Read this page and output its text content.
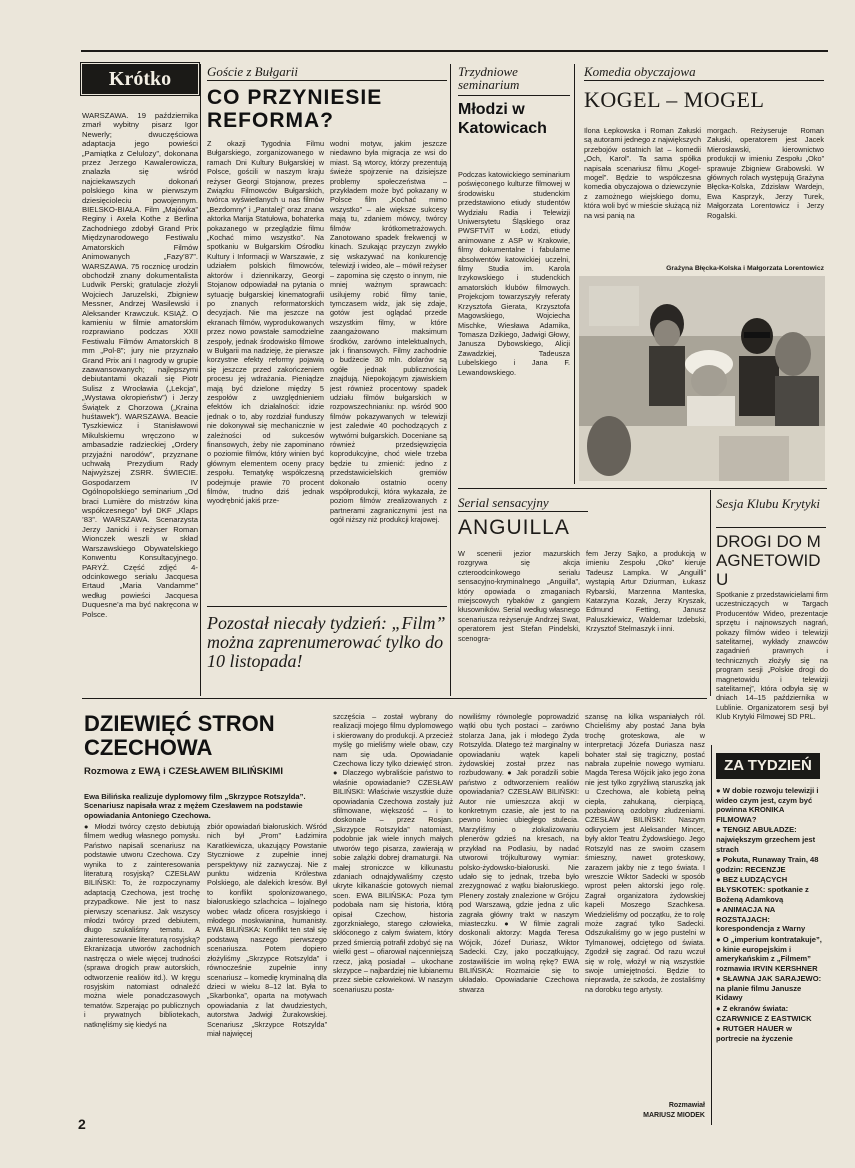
Krótko
WARSZAWA. 19 października zmarł wybitny pisarz Igor Newerly; dwuczęściowa adaptacja jego powieści „Pamiątka z Celulozy”, dokonana przez Jerzego Kawalerowicza, znalazła się wśród najciekawszych dokonań polskiego kina w pierwszym dziesięcioleciu powojennym. BIELSKO-BIAŁA. Film „Majówka” Reginy i Axela Kothe z Berlina Zachodniego zdobył Grand Prix Międzynarodowego Festiwalu Amatorskich Filmów Animowanych „Fazy’87”. WARSZAWA. 75 rocznicę urodzin obchodził znany dokumentalista Ludwik Perski; gratulacje złożyli Wojciech Jaruzelski, Zbigniew Messner, Andrzej Wasilewski i Aleksander Krawczuk. KSIĄŻ. O kamieniu w filmie amatorskim rozprawiano podczas XXII Festiwalu Filmów Amatorskich 8 mm „Pol-8”; jury nie przyznało Grand Prix ani I nagrody w grupie zaawansowanych; najlepszymi debiutantami okazali się Piotr Sulisz z Wrocławia („Lekcja”, „Wystawa okropieństw”) i Jerzy Świątek z Chorzowa („Kraina huśtawek”). WARSZAWA. Beacie Tyszkiewicz i Stanisławowi Mikulskiemu wręczono w ambasadzie radzieckiej „Ordery przyjaźni narodów”, przyznane uchwałą Prezydium Rady Najwyższej ZSRR. ŚWIECIE. Gospodarzem IV Ogólnopolskiego seminarium „Od braci Lumière do mistrzów kina współczesnego” był DKF „Klaps ’83”. WARSZAWA. Scenarzysta Jerzy Janicki i reżyser Roman Wionczek weszli w skład Warszawskiego Obywatelskiego Konwentu Konsultacyjnego. PARYŻ. Część zdjęć 4-odcinkowego serialu Jacquesa Ertaud „Maria Vandamme” według powieści Jacquesa Duquesne’a ma być nakręcona w Polsce.
Goście z Bułgarii
CO PRZYNIESIE REFORMA?
Z okazji Tygodnia Filmu Bułgarskiego, zorganizowanego w ramach Dni Kultury Bułgarskiej w Polsce, gościli w naszym kraju reżyser Georgi Stojanow, prezes Związku Filmowców Bułgarskich, twórca wyświetlanych u nas filmów „Bezdomny” i „Pantalej” oraz znana aktorka Marija Statułowa, bohaterka pokazanego w przeglądzie filmu „Kochać mimo wszystko”. Na spotkaniu w Bułgarskim Ośrodku Kultury i Informacji w Warszawie, z udziałem polskich filmowców, aktorów i dziennikarzy, Georgi Stojanow odpowiadał na pytania o sytuację bułgarskiej kinematografii po znanych reformatorskich decyzjach. Nie ma jeszcze na ekranach filmów, wyprodukowanych przez nowo powstałe samodzielne zespoły, jednak środowisko filmowe w Bułgarii ma nadzieję, że pierwsze korzystne efekty reformy pojawią się jeszcze przed zakończeniem procesu jej wdrażania. Pieniądze mają być dzielone między 5 zespołów z uwzględnieniem efektów ich działalności: idzie jednak o to, aby rozdział funduszy nie dokonywał się mechanicznie w zależności od sukcesów finansowych, żeby nie zapominano o poziomie filmów, który winien być głównym elementem oceny pracy zespołu. Tematykę współczesną podejmuje prawie 70 procent filmów, trudno dziś jednak wyodrębnić jakiś prze-
wodni motyw, jakim jeszcze niedawno była migracja ze wsi do miast. Są wtorcy, którzy prezentują świeże spojrzenie na dzisiejsze problemy społeczeństwa – przykładem może być pokazany w Polsce film „Kochać mimo wszystko” – ale większe sukcesy mają tu, zdaniem mówcy, twórcy filmów krótkometrażowych. Zanotowano spadek frekwencji w kinach. Szukając przyczyn zwykło się wskazywać na konkurencję telewizji i wideo, ale – mówił reżyser – zapomina się często o innym, nie mniej ważnym sprawcach: usilujemy robić filmy tanie, tymczasem widz, jak się zdaje, gotów jest oglądać przede wszystkim filmy, w które zaangażowano maksimum środków, zarówno intelektualnych, jak i finansowych. Filmy zachodnie o budżecie 30 mln. dolarów są ogółe jednak publicznością znajdują. Niepokojącym zjawiskiem jest również procentowy spadek udziału filmów bułgarskich w rozpowszechnianiu: np. wśród 900 filmów pokazywanych w telewizji jest zaledwie 40 pochodzących z wytwórni bułgarskich. Doceniane są również przedsięwzięcia koprodukcyjne, choć wiele trzeba będzie tu zmienić: jedno z przedstawicielskich gremiów dokonało ostatnio oceny współprodukcji, która wykazała, że poziom filmów zrealizowanych z partnerami zagranicznymi jest na ogół niższy niż produkcji krajowej.
Pozostał niecały tydzień: „Film” można zaprenumerować tylko do 10 listopada!
Trzydniowe seminarium
Młodzi w Katowicach
Podczas katowickiego seminarium poświęconego kulturze filmowej w środowisku studenckim przedstawiono etiudy studentów Wydziału Radia i Telewizji Uniwersytetu Śląskiego oraz PWSFTViT w Łodzi, etiudy animowane z ASP w Krakowie, filmy dokumentalne i fabularne absolwentów katowickiej uczelni, filmy Studia im. Karola Irzykowskiego i studenckich amatorskich klubów filmowych. Projekcjom towarzyszyły referaty Krzysztofa Gierata, Krzysztofa Magowskiego, Wojciecha Mischke, Wiesława Adamika, Tomasza Dzikiego, Jadwigi Głowy, Janusza Dybowskiego, Alicji Zawadzkiej, Tadeusza Lubelskiego i Jana F. Lewandowskiego.
Komedia obyczajowa
KOGEL – MOGEL
Ilona Łepkowska i Roman Załuski są autorami jednego z największych przebojów ostatnich lat – komedii „Och, Karol”. Ta sama spółka napisała scenariusz filmu „Kogel-mogel”. Będzie to współczesna komedia obyczajowa o dziewczynie z zamożnego wiejskiego domu, która woli być w mieście służącą niż na wsi panią na
morgach. Reżyseruje Roman Załuski, operatorem jest Jacek Mierosławski, kierownictwo produkcji w imieniu Zespołu „Oko” sprawuje Zbigniew Grabowski. W głównych rolach występują Grażyna Błęcka-Kolska, Zdzisław Wardejn, Ewa Kasprzyk, Jerzy Turek, Małgorzata Lorentowicz i Jerzy Rogalski.
Grażyna Błęcka-Kolska i Małgorzata Lorentowicz
Serial sensacyjny
ANGUILLA
W scenerii jezior mazurskich rozgrywa się akcja czteroodcinkowego serialu sensacyjno-kryminalnego „Anguilla”, który opowiada o zmaganiach miejscowych rybaków z gangiem kłusowników. Serial według własnego scenariusza reżyseruje Andrzej Swat, operatorem jest Stefan Pindelski, scenogra-
fem Jerzy Sajko, a produkcją w imieniu Zespołu „Oko” kieruje Tadeusz Lampka. W „Anguilli” wystąpią Artur Dziurman, Łukasz Rybarski, Marzenna Manteska, Katarzyna Kozak, Jerzy Kryszak, Edmund Fetting, Janusz Paluszkiewicz, Waldemar Izdebski, Krzysztof Stelmaszyk i inni.
Sesja Klubu Krytyki
DROGI DO MAGNETOWIDU
Spotkanie z przedstawicielami firm uczestniczących w Targach Producentów Wideo, prezentacje sprzętu i najnowszych nagrań, pokazy filmów wideo i telewizji satelitarnej, wykłady znawców zagadnień prawnych i technicznych złożyły się na program sesji „Polskie drogi do magnetowidu i telewizji satelitarnej”, która odbyła się w dniach 14–15 października w Lublinie. Organizatorem sesji był Klub Krytyki Filmowej SD PRL.
DZIEWIĘĆ STRON CZECHOWA
Rozmowa z EWĄ i CZESŁAWEM BILIŃSKIMI
Ewa Bilińska realizuje dyplomowy film „Skrzypce Rotszylda”. Scenariusz napisała wraz z mężem Czesławem na podstawie opowiadania Antoniego Czechowa.
● Młodzi twórcy często debiutują filmem według własnego pomysłu. Państwo napisali scenariusz na podstawie utworu Czechowa. Czy wynika to z zainteresowania literaturą rosyjską? CZESŁAW BILIŃSKI: To, że rozpoczynamy adaptacją Czechowa, jest trochę przypadkowe. Nie jest to nasz pierwszy scenariusz. Jak wszyscy młodzi twórcy przed debiutem, długo szukaliśmy tematu. A zainteresowanie literaturą rosyjską? Ekranizacja utworów zachodnich nastręcza o wiele więcej trudności (sprawa drogich praw autorskich, odtworzenie realiów itd.). W kręgu rosyjskim natomiast odnaleźć można wiele ponadczasowych tematów. Szperając po publicznych i prywatnych bibliotekach, natknęliśmy się kiedyś na
zbiór opowiadań białoruskich. Wśród nich był „Prom” Ładzimira Karatkiewicza, ukazujący Powstanie Styczniowe z zupełnie innej perspektywy niż zazwyczaj. Nie z punktu widzenia Królestwa Polskiego, ale dalekich kresów. Był to konflikt spolonizowanego, białoruskiego szlachcica – lojalnego wobec władz oficera rosyjskiego i młodego moskwianina, humanisty. EWA BILIŃSKA: Konflikt ten stał się podstawą naszego pierwszego scenariusza. Potem dopiero złożyliśmy „Skrzypce Rotszylda” i równocześnie zupełnie inny scenariusz – komedię kryminalną dla dzieci w wieku 8–12 lat. Była to „Skarbonka”, oparta na motywach opowiadania z lat dwudziestych, autorstwa Jadwigi Żurakowskiej. Scenariusz „Skrzypce Rotszylda” miał najwięcej
szczęścia – został wybrany do realizacji mojego filmu dyplomowego i skierowany do produkcji. A przecież myślę go mieliśmy wiele obaw, czy nam się uda. Opowiadanie Czechowa liczy tylko dziewięć stron. ● Dlaczego wybraliście państwo to właśnie opowiadanie? CZESŁAW BILIŃSKI: Właściwie wszystkie duże opowiadania Czechowa zostały już sfilmowane, większość – i to doskonale – przez Rosjan. „Skrzypce Rotszylda” natomiast, podobnie jak wiele innych małych utworów tego pisarza, zawierają w sobie zalążki dobrej dramaturgii. Na małej stroniczce w kilkunastu zdaniach odnajdywaliśmy często ukryte kilkanaście gotowych niemal scen. EWA BILIŃSKA: Poza tym podobała nam się historia, którą opisał Czechow, historia zgorzkniałego, starego człowieka, skłóconego z całym światem, który przed śmiercią potrafił zdobyć się na wielki gest – ofiarował najcenniejszą rzecz, jaką posiadał – ukochane skrzypce – najbardziej nie lubianemu przez siebie człowiekowi. W naszym scenariuszu posta-
nowiliśmy równolegle poprowadzić wątki obu tych postaci – zarówno stolarza Jana, jak i młodego Żyda Rotszylda. Dlatego też marginalny w opowiadaniu wątek kapeli żydowskiej został przez nas rozbudowany. ● Jak poradzili sobie państwo z odtworzeniem realiów opowiadania? CZESŁAW BILIŃSKI: Autor nie umieszcza akcji w konkretnym czasie, ale jest to na pewno koniec ubiegłego stulecia. Marzyliśmy o zlokalizowaniu plenerów gdzieś na kresach, na przykład na Podlasiu, by nadać utworowi trójkulturowy wymiar: polsko-żydowsko-białoruski. Nie udało się to jednak, trzeba było zrezygnować z wątku białoruskiego. Plenery zostały znalezione w Grójcu pod Warszawą, gdzie jedna z ulic zagrała główny trakt w naszym miasteczku. ● W filmie zagrali doskonali aktorzy: Magda Teresa Wójcik, Józef Duriasz, Wiktor Sadecki. Czy, jako początkujący, zostawiliście im wolną rękę? EWA BILIŃSKA: Rozmaicie się to układało. Opowiadanie Czechowa stwarza
szansę na kilka wspaniałych ról. Chcieliśmy aby postać Jana była trochę groteskowa, ale w interpretacji Józefa Duriasza nasz bohater stał się tragiczny, postać nabrała zupełnie nowego wymiaru. Magda Teresa Wójcik jako jego żona nie jest tylko zgryźliwą staruszką jak u Czechowa, ale kobietą pełną ciepła, zahukaną, cierpiącą, pozbawioną ozdobny złudzeniami. CZESŁAW BILIŃSKI: Naszym odkryciem jest Aleksander Mincer, były aktor Teatru Żydowskiego. Jego Rotszyld nas ze swoim czasem śmieszny, nawet groteskowy, zarazem jakby nie z tego świata. I wreszcie Wiktor Sadecki w sposób wprost pełen aktorski jego rolę. Zagrał organizatora żydowskiej kapeli Moszego Szachkesa. Wiedzieliśmy od początku, że to rolę może zagrać tylko Sadecki. Odszukaliśmy go w jego pustelni w Tylmanowej, odciętego od świata. Zgodził się zagrać. Od razu wczuł się w rolę, włożył w nią wszystkie swoje umiejętności. Będzie to nieprawda, że szkoda, że zostaliśmy na dorobku tego artysty.
Rozmawiał
MARIUSZ MIODEK
ZA TYDZIEŃ
● W dobie rozwoju telewizji i wideo czym jest, czym być powinna KRONIKA FILMOWA?
● TENGIZ ABUŁADZE: największym grzechem jest strach
● Pokuta, Runaway Train, 48 godzin: RECENZJE
● BEZ ŁUDZĄCYCH BŁYSKOTEK: spotkanie z Boženą Adamkovą
● ANIMACJA NA ROZSTAJACH: korespondencja z Warny
● O „imperium kontratakuje”, o kinie europejskim i amerykańskim z „Filmem” rozmawia IRVIN KERSHNER
● SŁAWNA JAK SARAJEWO: na planie filmu Janusze Kidawy
● Z ekranów świata: CZARWNICE Z EASTWICK
● RUTGER HAUER w portrecie na życzenie
2
